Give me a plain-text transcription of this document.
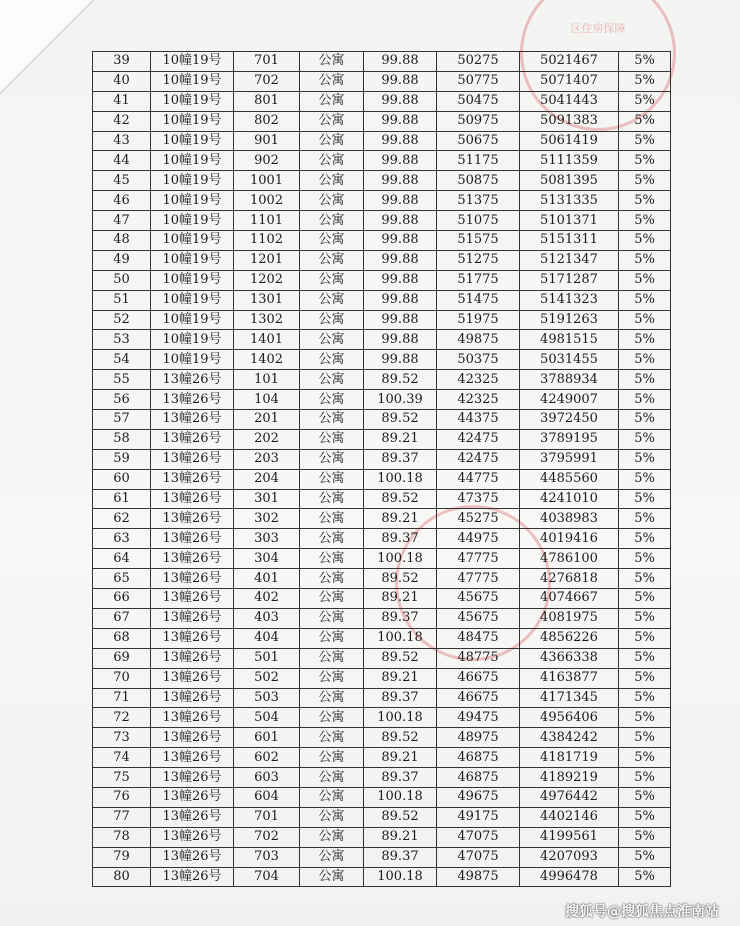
区住房保障
39	10幢19号	701	公寓	99.88	50275	5021467	5%
40	10幢19号	702	公寓	99.88	50775	5071407	5%
41	10幢19号	801	公寓	99.88	50475	5041443	5%
42	10幢19号	802	公寓	99.88	50975	5091383	5%
43	10幢19号	901	公寓	99.88	50675	5061419	5%
44	10幢19号	902	公寓	99.88	51175	5111359	5%
45	10幢19号	1001	公寓	99.88	50875	5081395	5%
46	10幢19号	1002	公寓	99.88	51375	5131335	5%
47	10幢19号	1101	公寓	99.88	51075	5101371	5%
48	10幢19号	1102	公寓	99.88	51575	5151311	5%
49	10幢19号	1201	公寓	99.88	51275	5121347	5%
50	10幢19号	1202	公寓	99.88	51775	5171287	5%
51	10幢19号	1301	公寓	99.88	51475	5141323	5%
52	10幢19号	1302	公寓	99.88	51975	5191263	5%
53	10幢19号	1401	公寓	99.88	49875	4981515	5%
54	10幢19号	1402	公寓	99.88	50375	5031455	5%
55	13幢26号	101	公寓	89.52	42325	3788934	5%
56	13幢26号	104	公寓	100.39	42325	4249007	5%
57	13幢26号	201	公寓	89.52	44375	3972450	5%
58	13幢26号	202	公寓	89.21	42475	3789195	5%
59	13幢26号	203	公寓	89.37	42475	3795991	5%
60	13幢26号	204	公寓	100.18	44775	4485560	5%
61	13幢26号	301	公寓	89.52	47375	4241010	5%
62	13幢26号	302	公寓	89.21	45275	4038983	5%
63	13幢26号	303	公寓	89.37	44975	4019416	5%
64	13幢26号	304	公寓	100.18	47775	4786100	5%
65	13幢26号	401	公寓	89.52	47775	4276818	5%
66	13幢26号	402	公寓	89.21	45675	4074667	5%
67	13幢26号	403	公寓	89.37	45675	4081975	5%
68	13幢26号	404	公寓	100.18	48475	4856226	5%
69	13幢26号	501	公寓	89.52	48775	4366338	5%
70	13幢26号	502	公寓	89.21	46675	4163877	5%
71	13幢26号	503	公寓	89.37	46675	4171345	5%
72	13幢26号	504	公寓	100.18	49475	4956406	5%
73	13幢26号	601	公寓	89.52	48975	4384242	5%
74	13幢26号	602	公寓	89.21	46875	4181719	5%
75	13幢26号	603	公寓	89.37	46875	4189219	5%
76	13幢26号	604	公寓	100.18	49675	4976442	5%
77	13幢26号	701	公寓	89.52	49175	4402146	5%
78	13幢26号	702	公寓	89.21	47075	4199561	5%
79	13幢26号	703	公寓	89.37	47075	4207093	5%
80	13幢26号	704	公寓	100.18	49875	4996478	5%
搜狐号@搜狐焦点淮南站
